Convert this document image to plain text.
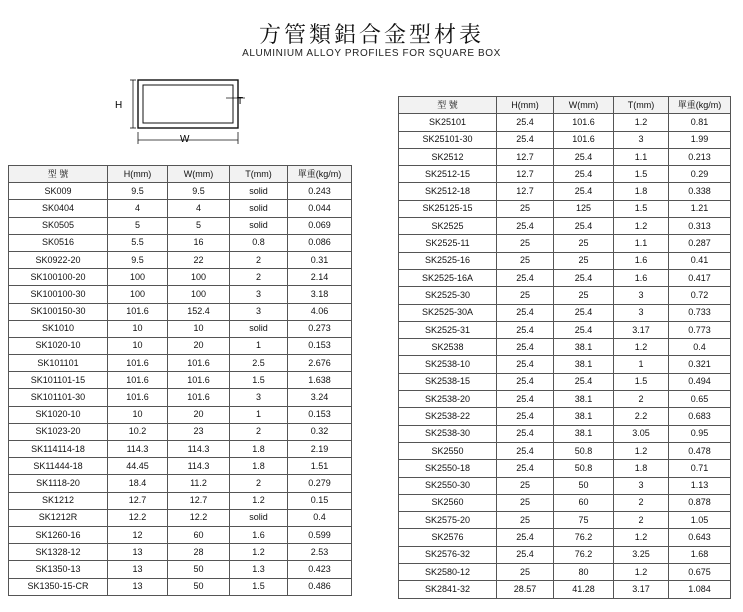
方管類鋁合金型材表
ALUMINIUM ALLOY PROFILES FOR SQUARE BOX
H
W
T
型 號	H(mm)	W(mm)	T(mm)	單重(kg/m)
SK009	9.5	9.5	solid	0.243
SK0404	4	4	solid	0.044
SK0505	5	5	solid	0.069
SK0516	5.5	16	0.8	0.086
SK0922-20	9.5	22	2	0.31
SK100100-20	100	100	2	2.14
SK100100-30	100	100	3	3.18
SK100150-30	101.6	152.4	3	4.06
SK1010	10	10	solid	0.273
SK1020-10	10	20	1	0.153
SK101101	101.6	101.6	2.5	2.676
SK101101-15	101.6	101.6	1.5	1.638
SK101101-30	101.6	101.6	3	3.24
SK1020-10	10	20	1	0.153
SK1023-20	10.2	23	2	0.32
SK114114-18	114.3	114.3	1.8	2.19
SK11444-18	44.45	114.3	1.8	1.51
SK1118-20	18.4	11.2	2	0.279
SK1212	12.7	12.7	1.2	0.15
SK1212R	12.2	12.2	solid	0.4
SK1260-16	12	60	1.6	0.599
SK1328-12	13	28	1.2	2.53
SK1350-13	13	50	1.3	0.423
SK1350-15-CR	13	50	1.5	0.486
型 號	H(mm)	W(mm)	T(mm)	單重(kg/m)
SK25101	25.4	101.6	1.2	0.81
SK25101-30	25.4	101.6	3	1.99
SK2512	12.7	25.4	1.1	0.213
SK2512-15	12.7	25.4	1.5	0.29
SK2512-18	12.7	25.4	1.8	0.338
SK25125-15	25	125	1.5	1.21
SK2525	25.4	25.4	1.2	0.313
SK2525-11	25	25	1.1	0.287
SK2525-16	25	25	1.6	0.41
SK2525-16A	25.4	25.4	1.6	0.417
SK2525-30	25	25	3	0.72
SK2525-30A	25.4	25.4	3	0.733
SK2525-31	25.4	25.4	3.17	0.773
SK2538	25.4	38.1	1.2	0.4
SK2538-10	25.4	38.1	1	0.321
SK2538-15	25.4	25.4	1.5	0.494
SK2538-20	25.4	38.1	2	0.65
SK2538-22	25.4	38.1	2.2	0.683
SK2538-30	25.4	38.1	3.05	0.95
SK2550	25.4	50.8	1.2	0.478
SK2550-18	25.4	50.8	1.8	0.71
SK2550-30	25	50	3	1.13
SK2560	25	60	2	0.878
SK2575-20	25	75	2	1.05
SK2576	25.4	76.2	1.2	0.643
SK2576-32	25.4	76.2	3.25	1.68
SK2580-12	25	80	1.2	0.675
SK2841-32	28.57	41.28	3.17	1.084
